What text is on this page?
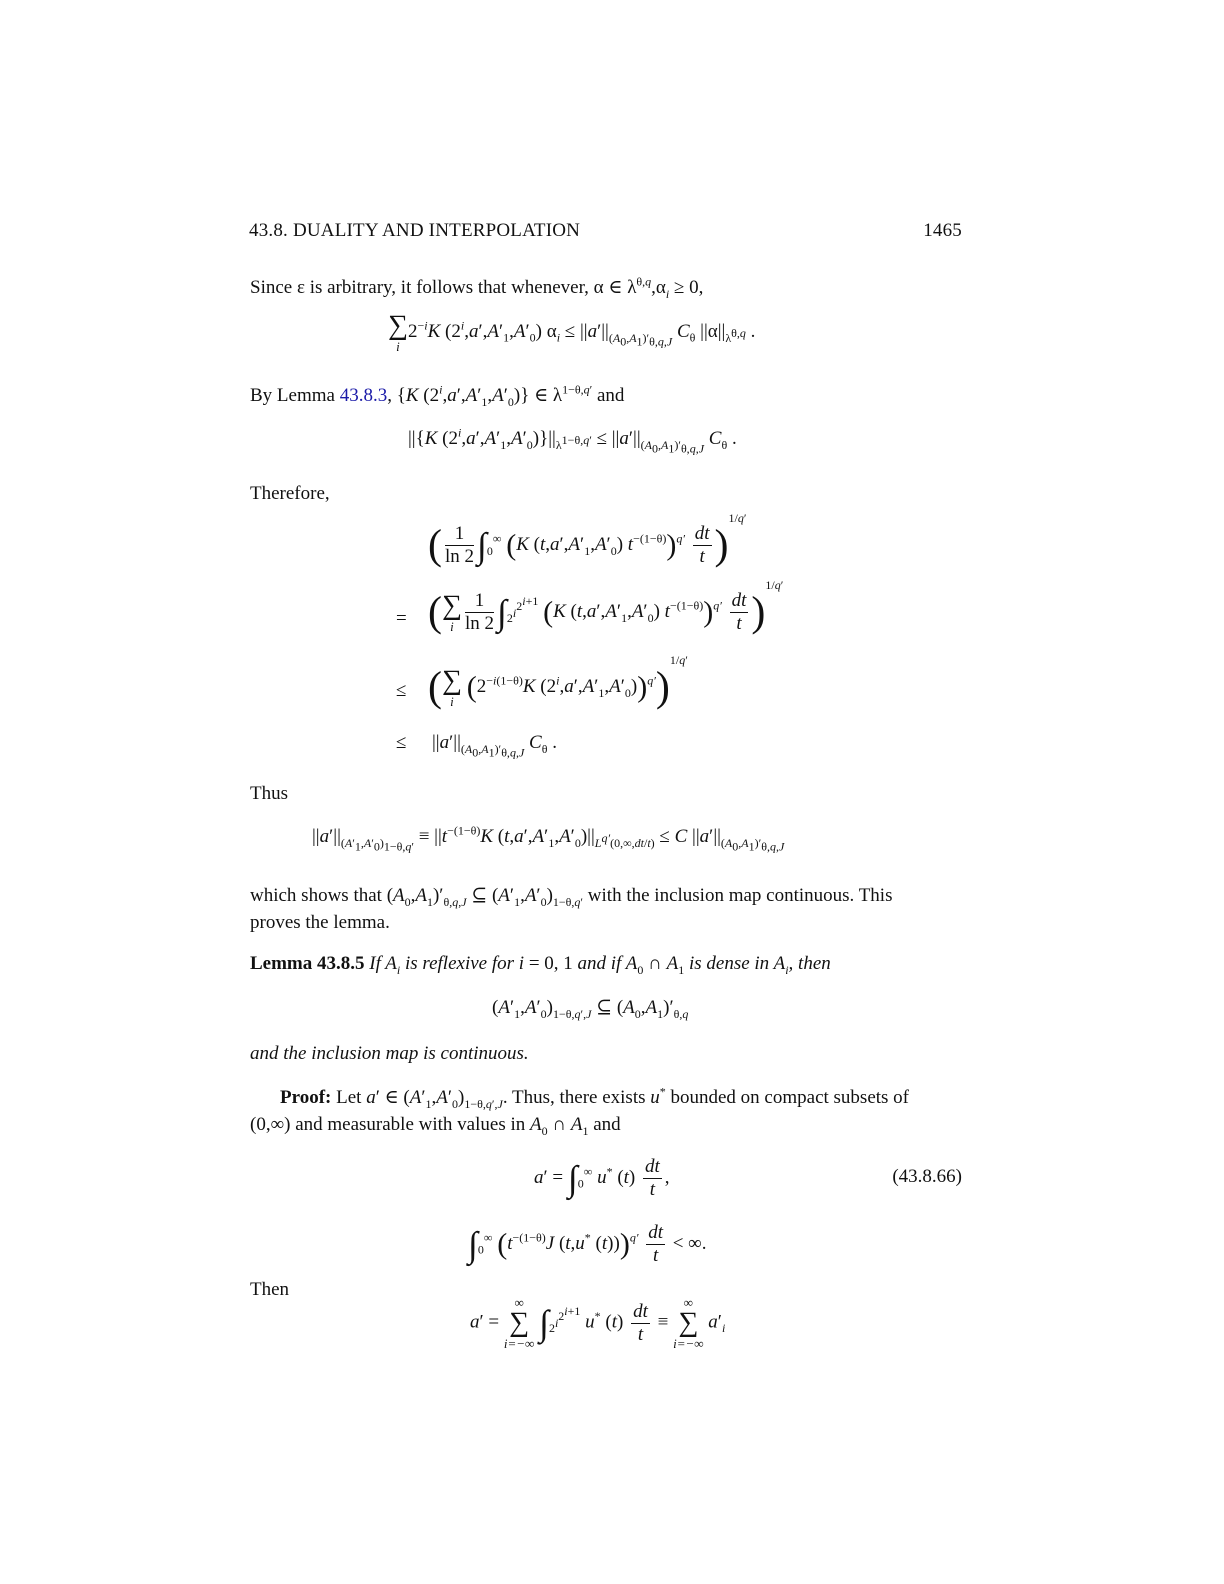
43.8. DUALITY AND INTERPOLATION	1465
Since ε is arbitrary, it follows that whenever, α ∈ $\lambda^{\theta,q},\alpha_i \ge 0$,
∑
i
$2^{-i}K$ $(2^i,a',A'_1,A'_0) \alpha_i \le ||a'||_{(A_0,A_1)'_{\theta,q,J}}$ $C_\theta$ $||\alpha||_{\lambda^{\theta,q}}$ .
By Lemma 43.8.3, {K $(2^i,a',A'_1,A'_0)$} ∈ $\lambda^{1-\theta,q'}$ and
||{K $(2^i,a',A'_1,A'_0)\}||_{\lambda^{1-\theta,q'}} \le ||a'||_{(A_0,A_1)'_{\theta,q,J}}$ $C_\theta$ .
Therefore,
( $\frac{1}{\ln 2} \int_0^\infty$ (K $(t,a',A'_1,A'_0)$ $t^{-(1-\theta)})^{q'} \frac{dt}{t} )^{1/q'}$
= ( ∑
i $\frac{1}{\ln 2} \int_{2^i}^{2^{i+1}}$ (K $(t,a',A'_1,A'_0)$ $t^{-(1-\theta)})^{q'} \frac{dt}{t} )^{1/q'}$
≤ ( ∑
i ($2^{-i(1-\theta)}K$ $(2^i,a',A'_1,A'_0))^{q'})^{1/q'}$
≤ $||a'||_{(A_0,A_1)'_{\theta,q,J}}$ $C_\theta$ .
Thus
$||a'||_{(A'_1,A'_0)_{1-\theta,q'}} \equiv ||t^{-(1-\theta)}K$ $(t,a',A'_1,A'_0)||_{L^{q'}(0,\infty,dt/t)} \le C$ $||a'||_{(A_0,A_1)'_{\theta,q,J}}$
which shows that $(A_0,A_1)'_{\theta,q,J}$ ⊆ $(A'_1,A'_0)_{1-\theta,q'}$ with the inclusion map continuous. This
proves the lemma.
Lemma 43.8.5 If $A_i$ is reflexive for i = 0, 1 and if $A_0$ ∩ $A_1$ is dense in $A_i$, then
$(A'_1,A'_0)_{1-\theta,q',J}$ ⊆ $(A_0,A_1)'_{\theta,q}$
and the inclusion map is continuous.
Proof: Let a′ ∈ $(A'_1,A'_0)_{1-\theta,q',J}$. Thus, there exists u* bounded on compact subsets of
(0,∞) and measurable with values in $A_0$ ∩ $A_1$ and
$a' = \int_0^\infty$ u* $(t) \frac{dt}{t}$ ,	(43.8.66)
$\int_0^\infty$ ($t^{-(1-\theta)}J$ (t,u* $(t)))^{q'} \frac{dt}{t}$ < ∞.
Then
a′ =
∞
∑
i=−∞
$\int_{2^i}^{2^{i+1}}$ u* $(t) \frac{dt}{t}$ ≡
∞
∑
i=−∞
$a'_i$
